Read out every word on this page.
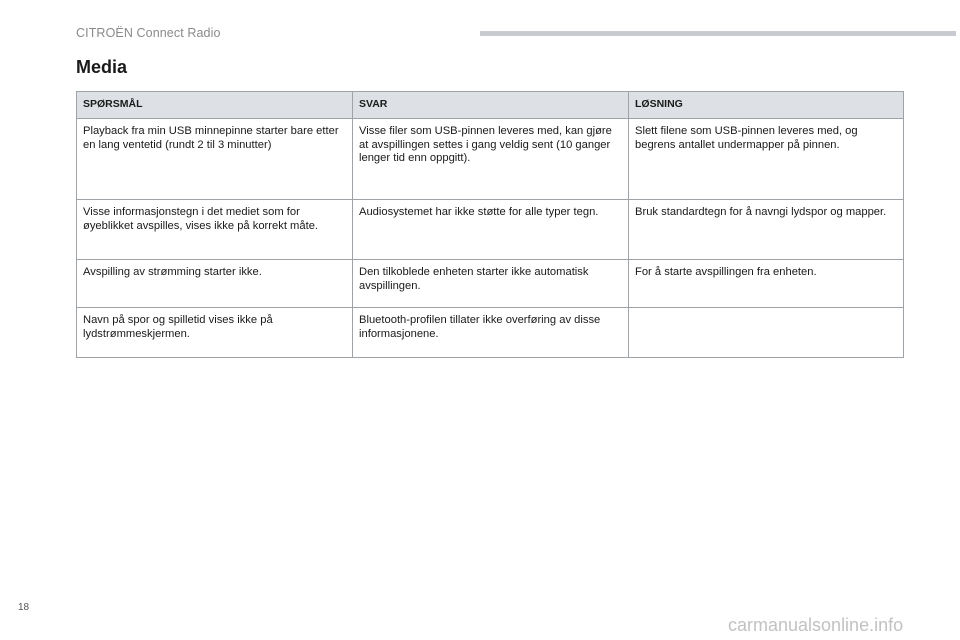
CITROËN Connect Radio
Media
SPØRSMÅL	SVAR	LØSNING
Playback fra min USB minnepinne starter bare etter en lang ventetid (rundt 2 til 3 minutter)	Visse filer som USB-pinnen leveres med, kan gjøre at avspillingen settes i gang veldig sent (10 ganger lenger tid enn oppgitt).	Slett filene som USB-pinnen leveres med, og begrens antallet undermapper på pinnen.
Visse informasjonstegn i det mediet som for øyeblikket avspilles, vises ikke på korrekt måte.	Audiosystemet har ikke støtte for alle typer tegn.	Bruk standardtegn for å navngi lydspor og mapper.
Avspilling av strømming starter ikke.	Den tilkoblede enheten starter ikke automatisk avspillingen.	For å starte avspillingen fra enheten.
Navn på spor og spilletid vises ikke på lydstrømmeskjermen.	Bluetooth-profilen tillater ikke overføring av disse informasjonene.	
18
carmanualsonline.info
